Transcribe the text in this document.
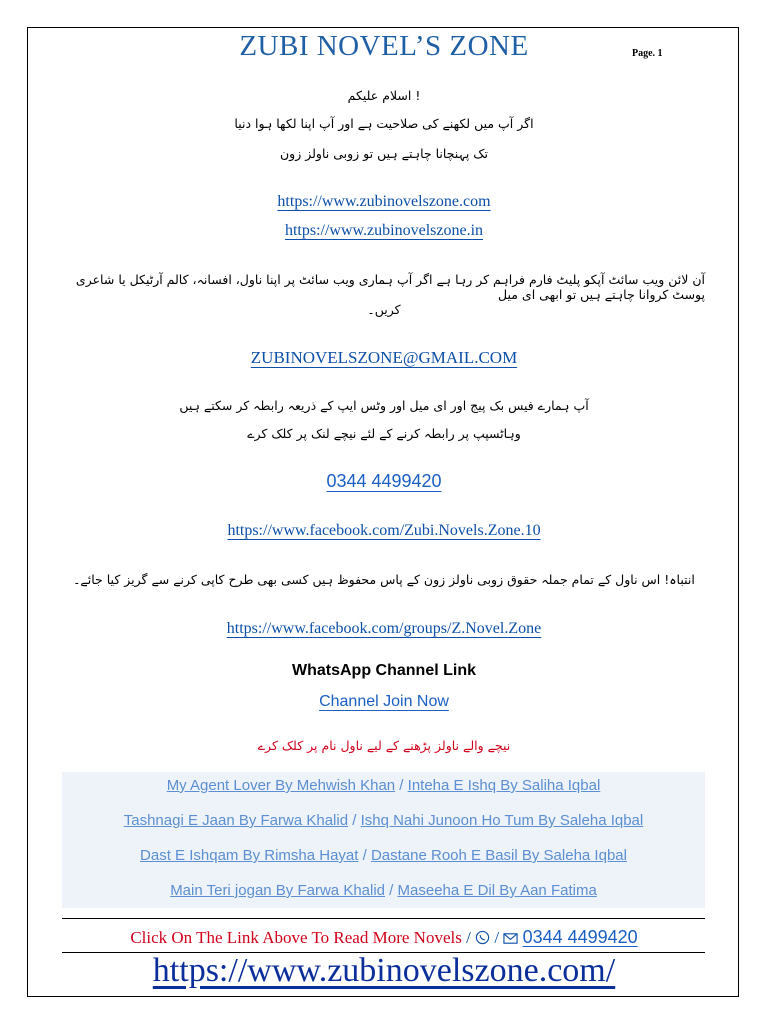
ZUBI NOVEL’S ZONE	Page. 1
! اسلام علیکم
اگر آپ میں لکھنے کی صلاحیت ہے اور آپ اپنا لکھا ہوا دنیا
تک پہنچانا چاہتے ہیں تو زوبی ناولز زون
https://www.zubinovelszone.com
https://www.zubinovelszone.in
آن لائن ویب سائٹ آپکو پلیٹ فارم فراہم کر رہا ہے اگر آپ ہماری ویب سائٹ پر اپنا ناول، افسانہ، کالم آرٹیکل یا شاعری پوسٹ کروانا چاہتے ہیں تو ابھی ای میل
کریں۔
ZUBINOVELSZONE@GMAIL.COM
آپ ہمارے فیس بک پیج اور ای میل اور وٹس ایپ کے ذریعہ رابطہ کر سکتے ہیں
وہاٹسپپ پر رابطہ کرنے کے لئے نیچے لنک پر کلک کرے
0344 4499420
https://www.facebook.com/Zubi.Novels.Zone.10
انتباہ! اس ناول کے تمام جملہ حقوق زوبی ناولز زون کے پاس محفوظ ہیں کسی بھی طرح کاپی کرنے سے گریز کیا جائے۔
https://www.facebook.com/groups/Z.Novel.Zone
WhatsApp Channel Link
Channel Join Now
نیچے والے ناولز پڑھنے کے لیے ناول نام پر کلک کرے
My Agent Lover By Mehwish Khan / Inteha E Ishq By Saliha Iqbal
Tashnagi E Jaan By Farwa Khalid / Ishq Nahi Junoon Ho Tum By Saleha Iqbal
Dast E Ishqam By Rimsha Hayat / Dastane Rooh E Basil By Saleha Iqbal
Main Teri jogan By Farwa Khalid / Maseeha E Dil By Aan Fatima
Click On The Link Above To Read More Novels /  /  0344 4499420
https://www.zubinovelszone.com/
